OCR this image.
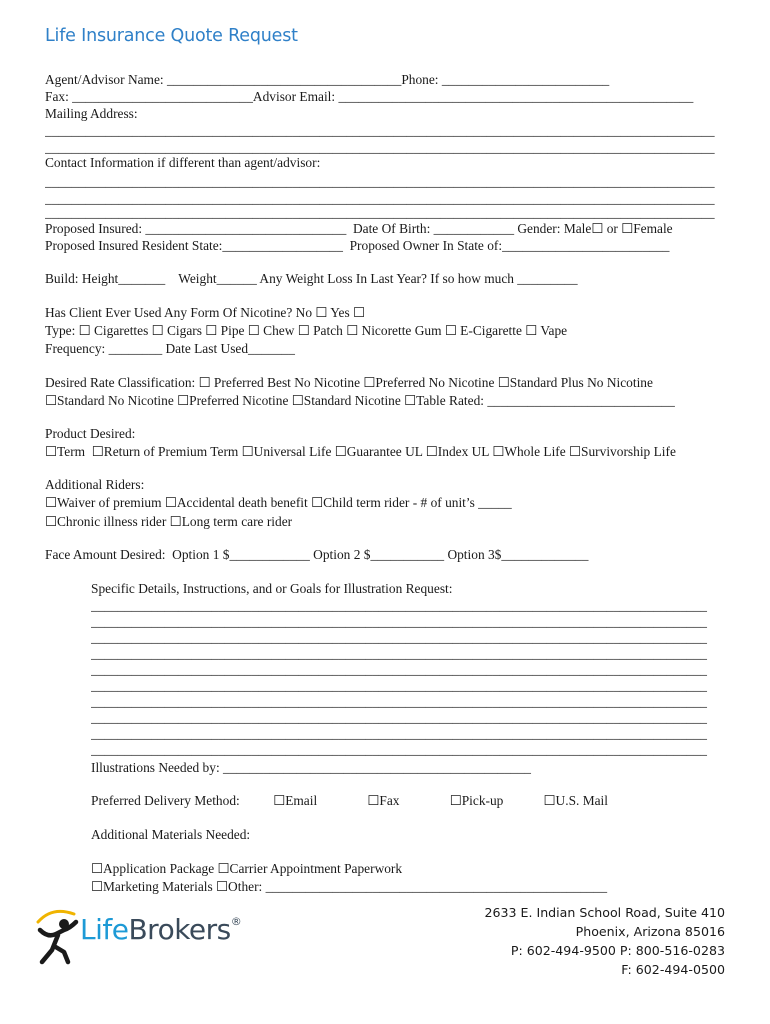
Life Insurance Quote Request
Agent/Advisor Name: ___________________________________Phone: _________________________
Fax: ___________________________Advisor Email: _____________________________________________________
Mailing Address:
____________________________________________________________________________________________________
____________________________________________________________________________________________________
Contact Information if different than agent/advisor:
____________________________________________________________________________________________________
____________________________________________________________________________________________________
____________________________________________________________________________________________________
Proposed Insured: ______________________________  Date Of Birth: ____________ Gender: Male☐ or ☐Female
Proposed Insured Resident State:__________________  Proposed Owner In State of:_________________________
Build: Height_______    Weight______ Any Weight Loss In Last Year? If so how much _________
Has Client Ever Used Any Form Of Nicotine? No ☐ Yes ☐
Type: ☐ Cigarettes ☐ Cigars ☐ Pipe ☐ Chew ☐ Patch ☐ Nicorette Gum ☐ E-Cigarette ☐ Vape
Frequency: ________ Date Last Used_______
Desired Rate Classification: ☐ Preferred Best No Nicotine ☐Preferred No Nicotine ☐Standard Plus No Nicotine
☐Standard No Nicotine ☐Preferred Nicotine ☐Standard Nicotine ☐Table Rated: ____________________________
Product Desired:
☐Term  ☐Return of Premium Term ☐Universal Life ☐Guarantee UL ☐Index UL ☐Whole Life ☐Survivorship Life
Additional Riders:
☐Waiver of premium ☐Accidental death benefit ☐Child term rider - # of unit’s _____
☐Chronic illness rider ☐Long term care rider
Face Amount Desired:  Option 1 $____________ Option 2 $___________ Option 3$_____________
Specific Details, Instructions, and or Goals for Illustration Request:
____________________________________________________________________________________________
____________________________________________________________________________________________
____________________________________________________________________________________________
____________________________________________________________________________________________
____________________________________________________________________________________________
____________________________________________________________________________________________
____________________________________________________________________________________________
____________________________________________________________________________________________
____________________________________________________________________________________________
____________________________________________________________________________________________
Illustrations Needed by: ______________________________________________
Preferred Delivery Method:          ☐Email               ☐Fax               ☐Pick-up            ☐U.S. Mail
Additional Materials Needed:
☐Application Package ☐Carrier Appointment Paperwork
☐Marketing Materials ☐Other: ___________________________________________________
LifeBrokers®
2633 E. Indian School Road, Suite 410
Phoenix, Arizona 85016
P: 602-494-9500 P: 800-516-0283
F: 602-494-0500
